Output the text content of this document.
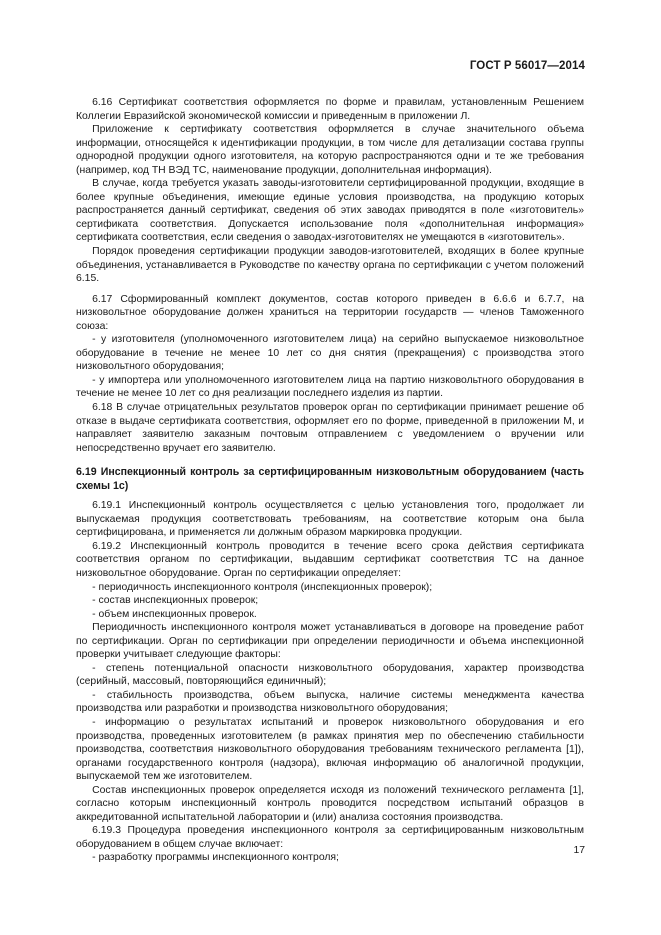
ГОСТ Р 56017—2014

6.16 Сертификат соответствия оформляется по форме и правилам, установленным Решением Коллегии Евразийской экономической комиссии и приведенным в приложении Л.

Приложение к сертификату соответствия оформляется в случае значительного объема информации, относящейся к идентификации продукции, в том числе для детализации состава группы однородной продукции одного изготовителя, на которую распространяются одни и те же требования (например, код ТН ВЭД ТС, наименование продукции, дополнительная информация).

В случае, когда требуется указать заводы-изготовители сертифицированной продукции, входящие в более крупные объединения, имеющие единые условия производства, на продукцию которых распространяется данный сертификат, сведения об этих заводах приводятся в поле «изготовитель» сертификата соответствия. Допускается использование поля «дополнительная информация» сертификата соответствия, если сведения о заводах-изготовителях не умещаются в «изготовитель».

Порядок проведения сертификации продукции заводов-изготовителей, входящих в более крупные объединения, устанавливается в Руководстве по качеству органа по сертификации с учетом положений 6.15.

6.17 Сформированный комплект документов, состав которого приведен в 6.6.6 и 6.7.7, на низковольтное оборудование должен храниться на территории государств — членов Таможенного союза:

- у изготовителя (уполномоченного изготовителем лица) на серийно выпускаемое низковольтное оборудование в течение не менее 10 лет со дня снятия (прекращения) с производства этого низковольтного оборудования;

- у импортера или уполномоченного изготовителем лица на партию низковольтного оборудования в течение не менее 10 лет со дня реализации последнего изделия из партии.

6.18 В случае отрицательных результатов проверок орган по сертификации принимает решение об отказе в выдаче сертификата соответствия, оформляет его по форме, приведенной в приложении М, и направляет заявителю заказным почтовым отправлением с уведомлением о вручении или непосредственно вручает его заявителю.

6.19 Инспекционный контроль за сертифицированным низковольтным оборудованием (часть схемы 1с)

6.19.1 Инспекционный контроль осуществляется с целью установления того, продолжает ли выпускаемая продукция соответствовать требованиям, на соответствие которым она была сертифицирована, и применяется ли должным образом маркировка продукции.

6.19.2 Инспекционный контроль проводится в течение всего срока действия сертификата соответствия органом по сертификации, выдавшим сертификат соответствия ТС на данное низковольтное оборудование. Орган по сертификации определяет:

- периодичность инспекционного контроля (инспекционных проверок);

- состав инспекционных проверок;

- объем инспекционных проверок.

Периодичность инспекционного контроля может устанавливаться в договоре на проведение работ по сертификации. Орган по сертификации при определении периодичности и объема инспекционной проверки учитывает следующие факторы:

- степень потенциальной опасности низковольтного оборудования, характер производства (серийный, массовый, повторяющийся единичный);

- стабильность производства, объем выпуска, наличие системы менеджмента качества производства или разработки и производства низковольтного оборудования;

- информацию о результатах испытаний и проверок низковольтного оборудования и его производства, проведенных изготовителем (в рамках принятия мер по обеспечению стабильности производства, соответствия низковольтного оборудования требованиям технического регламента [1]), органами государственного контроля (надзора), включая информацию об аналогичной продукции, выпускаемой тем же изготовителем.

Состав инспекционных проверок определяется исходя из положений технического регламента [1], согласно которым инспекционный контроль проводится посредством испытаний образцов в аккредитованной испытательной лаборатории и (или) анализа состояния производства.

6.19.3 Процедура проведения инспекционного контроля за сертифицированным низковольтным оборудованием в общем случае включает:

- разработку программы инспекционного контроля;

17
